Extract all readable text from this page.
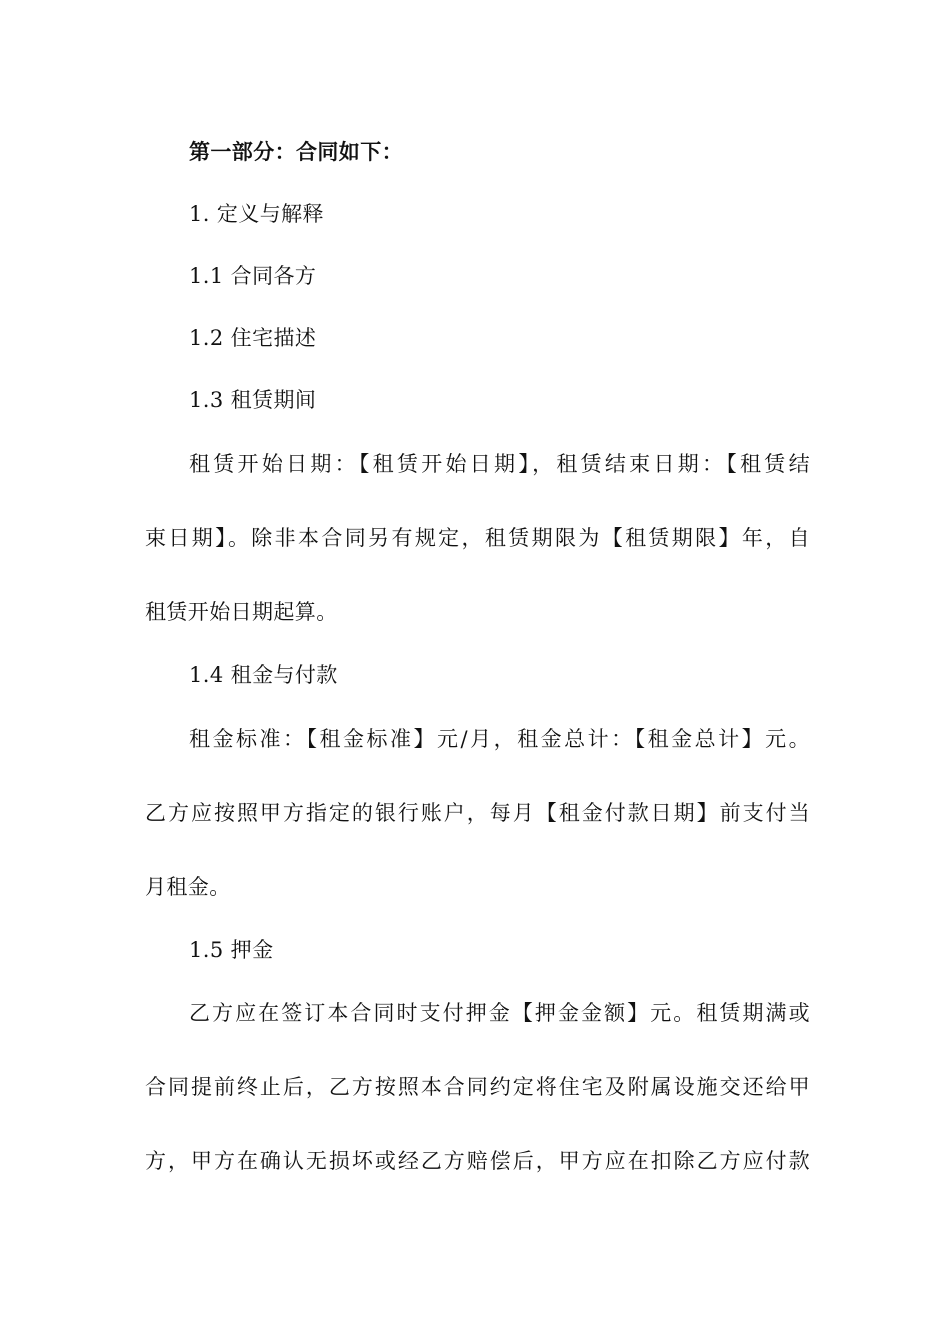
第一部分：合同如下：
1. 定义与解释
1.1 合同各方
1.2 住宅描述
1.3 租赁期间
租赁开始日期：【租赁开始日期】，租赁结束日期：【租赁结
束日期】。除非本合同另有规定，租赁期限为【租赁期限】年，自
租赁开始日期起算。
1.4 租金与付款
租金标准：【租金标准】元/月，租金总计：【租金总计】元。
乙方应按照甲方指定的银行账户，每月【租金付款日期】前支付当
月租金。
1.5 押金
乙方应在签订本合同时支付押金【押金金额】元。租赁期满或
合同提前终止后，乙方按照本合同约定将住宅及附属设施交还给甲
方，甲方在确认无损坏或经乙方赔偿后，甲方应在扣除乙方应付款
